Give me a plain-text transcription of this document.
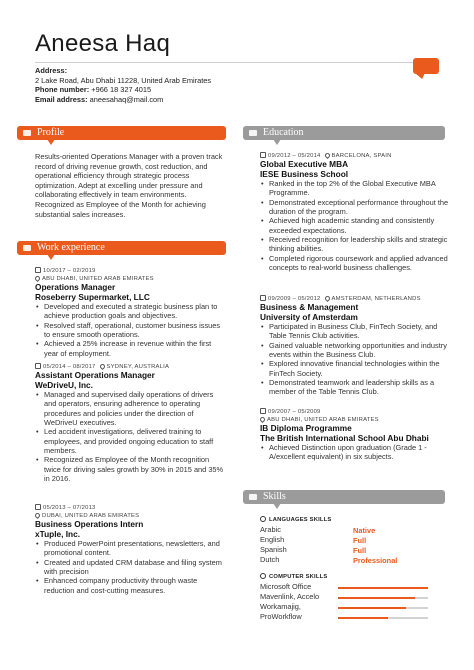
Aneesa Haq
Address:
2 Lake Road, Abu Dhabi 11228, United Arab Emirates
Phone number: +966 18 327 4015
Email address: aneesahaq@mail.com
Profile
Results-oriented Operations Manager with a proven track record of driving revenue growth, cost reduction, and operational efficiency through strategic process optimization. Adept at excelling under pressure and collaborating effectively in team environments. Recognized as Employee of the Month for achieving substantial sales increases.
Work experience
10/2017 – 02/2019
ABU DHABI, UNITED ARAB EMIRATES
Operations Manager
Roseberry Supermarket, LLC
• Developed and executed a strategic business plan to achieve production goals and objectives.
• Resolved staff, operational, customer business issues to ensure smooth operations.
• Achieved a 25% increase in revenue within the first year of employment.
05/2014 – 08/2017 SYDNEY, AUSTRALIA
Assistant Operations Manager
WeDriveU, Inc.
• Managed and supervised daily operations of drivers and operators, ensuring adherence to operating procedures and policies under the direction of WeDriveU executives.
• Led accident investigations, delivered training to employees, and provided ongoing education to staff members.
• Recognized as Employee of the Month recognition twice for driving sales growth by 30% in 2015 and 35% in 2016.
05/2013 – 07/2013
DUBAI, UNITED ARAB EMIRATES
Business Operations Intern
xTuple, Inc.
• Produced PowerPoint presentations, newsletters, and promotional content.
• Created and updated CRM database and filing system with precision
• Enhanced company productivity through waste reduction and cost-cutting measures.
Education
09/2012 – 05/2014 BARCELONA, SPAIN
Global Executive MBA
IESE Business School
• Ranked in the top 2% of the Global Executive MBA Programme.
• Demonstrated exceptional performance throughout the duration of the program.
• Achieved high academic standing and consistently exceeded expectations.
• Received recognition for leadership skills and strategic thinking abilities.
• Completed rigorous coursework and applied advanced concepts to real-world business challenges.
09/2009 – 05/2012 AMSTERDAM, NETHERLANDS
Business & Management
University of Amsterdam
• Participated in Business Club, FinTech Society, and Table Tennis Club activities.
• Gained valuable networking opportunities and industry events within the Business Club.
• Explored innovative financial technologies within the FinTech Society.
• Demonstrated teamwork and leadership skills as a member of the Table Tennis Club.
09/2007 – 05/2009
ABU DHABI, UNITED ARAB EMIRATES
IB Diploma Programme
The British International School Abu Dhabi
• Achieved Distinction upon graduation (Grade 1 - A/excellent equivalent) in six subjects.
Skills
LANGUAGES SKILLS
Arabic	Native
English	Full
Spanish	Full
Dutch	Professional
COMPUTER SKILLS
Microsoft Office
Mavenlink, Accelo
Workamajig,
ProWorkflow
